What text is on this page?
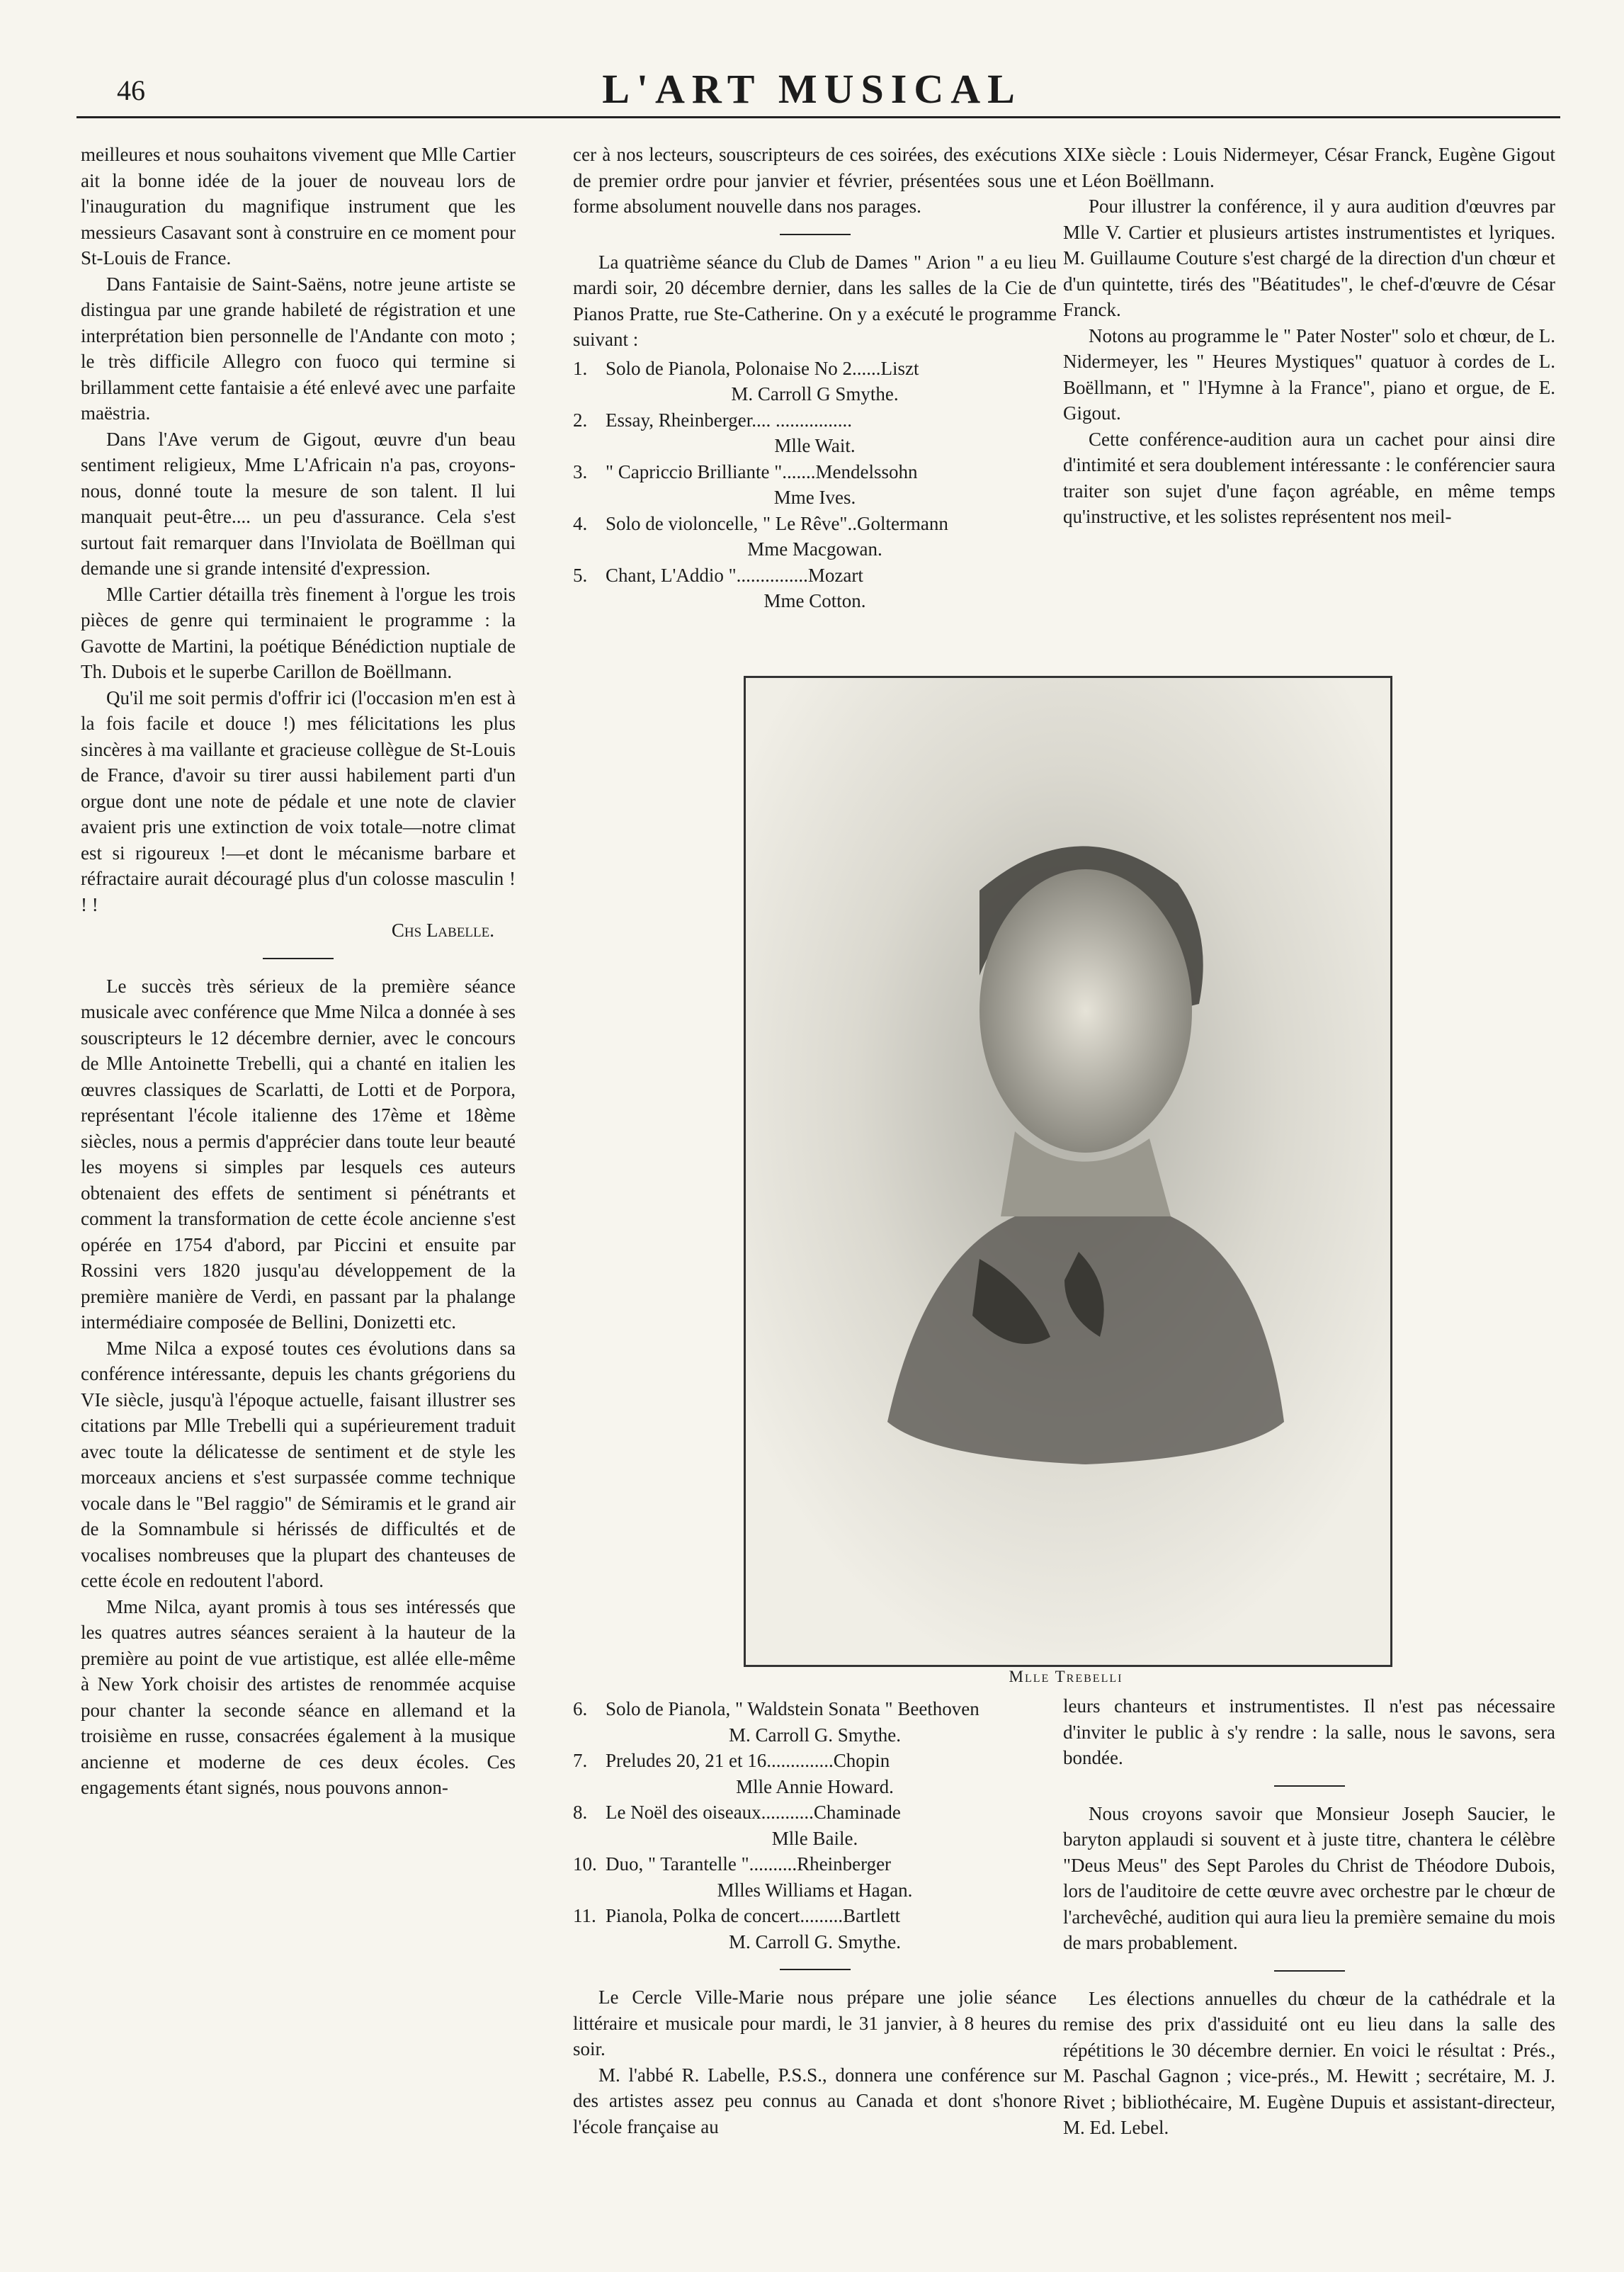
46	L'ART MUSICAL

meilleures et nous souhaitons vivement que Mlle Cartier ait la bonne idée de la jouer de nouveau lors de l'inauguration du magnifique instrument que les messieurs Casavant sont à construire en ce moment pour St-Louis de France.

Dans Fantaisie de Saint-Saëns, notre jeune artiste se distingua par une grande habileté de régistration et une interprétation bien personnelle de l'Andante con moto ; le très difficile Allegro con fuoco qui termine si brillamment cette fantaisie a été enlevé avec une parfaite maëstria.

Dans l'Ave verum de Gigout, œuvre d'un beau sentiment religieux, Mme L'Africain n'a pas, croyons-nous, donné toute la mesure de son talent. Il lui manquait peut-être.... un peu d'assurance. Cela s'est surtout fait remarquer dans l'Inviolata de Boëllman qui demande une si grande intensité d'expression.

Mlle Cartier détailla très finement à l'orgue les trois pièces de genre qui terminaient le programme : la Gavotte de Martini, la poétique Bénédiction nuptiale de Th. Dubois et le superbe Carillon de Boëllmann.

Qu'il me soit permis d'offrir ici (l'occasion m'en est à la fois facile et douce !) mes félicitations les plus sincères à ma vaillante et gracieuse collègue de St-Louis de France, d'avoir su tirer aussi habilement parti d'un orgue dont une note de pédale et une note de clavier avaient pris une extinction de voix totale—notre climat est si rigoureux !—et dont le mécanisme barbare et réfractaire aurait découragé plus d'un colosse masculin ! ! !

Chs Labelle.

Le succès très sérieux de la première séance musicale avec conférence que Mme Nilca a donnée à ses souscripteurs le 12 décembre dernier, avec le concours de Mlle Antoinette Trebelli, qui a chanté en italien les œuvres classiques de Scarlatti, de Lotti et de Porpora, représentant l'école italienne des 17ème et 18ème siècles, nous a permis d'apprécier dans toute leur beauté les moyens si simples par lesquels ces auteurs obtenaient des effets de sentiment si pénétrants et comment la transformation de cette école ancienne s'est opérée en 1754 d'abord, par Piccini et ensuite par Rossini vers 1820 jusqu'au développement de la première manière de Verdi, en passant par la phalange intermédiaire composée de Bellini, Donizetti etc.

Mme Nilca a exposé toutes ces évolutions dans sa conférence intéressante, depuis les chants grégoriens du VIe siècle, jusqu'à l'époque actuelle, faisant illustrer ses citations par Mlle Trebelli qui a supérieurement traduit avec toute la délicatesse de sentiment et de style les morceaux anciens et s'est surpassée comme technique vocale dans le "Bel raggio" de Sémiramis et le grand air de la Somnambule si hérissés de difficultés et de vocalises nombreuses que la plupart des chanteuses de cette école en redoutent l'abord.

Mme Nilca, ayant promis à tous ses intéressés que les quatres autres séances seraient à la hauteur de la première au point de vue artistique, est allée elle-même à New York choisir des artistes de renommée acquise pour chanter la seconde séance en allemand et la troisième en russe, consacrées également à la musique ancienne et moderne de ces deux écoles. Ces engagements étant signés, nous pouvons annon-

cer à nos lecteurs, souscripteurs de ces soirées, des exécutions de premier ordre pour janvier et février, présentées sous une forme absolument nouvelle dans nos parages.

La quatrième séance du Club de Dames " Arion " a eu lieu mardi soir, 20 décembre dernier, dans les salles de la Cie de Pianos Pratte, rue Ste-Catherine. On y a exécuté le programme suivant :

1. Solo de Pianola, Polonaise No 2......Liszt
M. Carroll G Smythe.
2. Essay, Rheinberger.... ................
Mlle Wait.
3. " Capriccio Brilliante ".......Mendelssohn
Mme Ives.
4. Solo de violoncelle, " Le Rêve"..Goltermann
Mme Macgowan.
5. Chant, L'Addio "...............Mozart
Mme Cotton.

XIXe siècle : Louis Nidermeyer, César Franck, Eugène Gigout et Léon Boëllmann.

Pour illustrer la conférence, il y aura audition d'œuvres par Mlle V. Cartier et plusieurs artistes instrumentistes et lyriques. M. Guillaume Couture s'est chargé de la direction d'un chœur et d'un quintette, tirés des "Béatitudes", le chef-d'œuvre de César Franck.

Notons au programme le " Pater Noster" solo et chœur, de L. Nidermeyer, les " Heures Mystiques" quatuor à cordes de L. Boëllmann, et " l'Hymne à la France", piano et orgue, de E. Gigout.

Cette conférence-audition aura un cachet pour ainsi dire d'intimité et sera doublement intéressante : le conférencier saura traiter son sujet d'une façon agréable, en même temps qu'instructive, et les solistes représentent nos meil-

Mlle Trebelli
6. Solo de Pianola, " Waldstein Sonata " Beethoven
M. Carroll G. Smythe.
7. Preludes 20, 21 et 16..............Chopin
Mlle Annie Howard.
8. Le Noël des oiseaux...........Chaminade
Mlle Baile.
10. Duo, " Tarantelle "..........Rheinberger
Mlles Williams et Hagan.
11. Pianola, Polka de concert.........Bartlett
M. Carroll G. Smythe.

Le Cercle Ville-Marie nous prépare une jolie séance littéraire et musicale pour mardi, le 31 janvier, à 8 heures du soir.

M. l'abbé R. Labelle, P.S.S., donnera une conférence sur des artistes assez peu connus au Canada et dont s'honore l'école française au

leurs chanteurs et instrumentistes. Il n'est pas nécessaire d'inviter le public à s'y rendre : la salle, nous le savons, sera bondée.

Nous croyons savoir que Monsieur Joseph Saucier, le baryton applaudi si souvent et à juste titre, chantera le célèbre "Deus Meus" des Sept Paroles du Christ de Théodore Dubois, lors de l'auditoire de cette œuvre avec orchestre par le chœur de l'archevêché, audition qui aura lieu la première semaine du mois de mars probablement.

Les élections annuelles du chœur de la cathédrale et la remise des prix d'assiduité ont eu lieu dans la salle des répétitions le 30 décembre dernier. En voici le résultat : Prés., M. Paschal Gagnon ; vice-prés., M. Hewitt ; secrétaire, M. J. Rivet ; bibliothécaire, M. Eugène Dupuis et assistant-directeur, M. Ed. Lebel.
